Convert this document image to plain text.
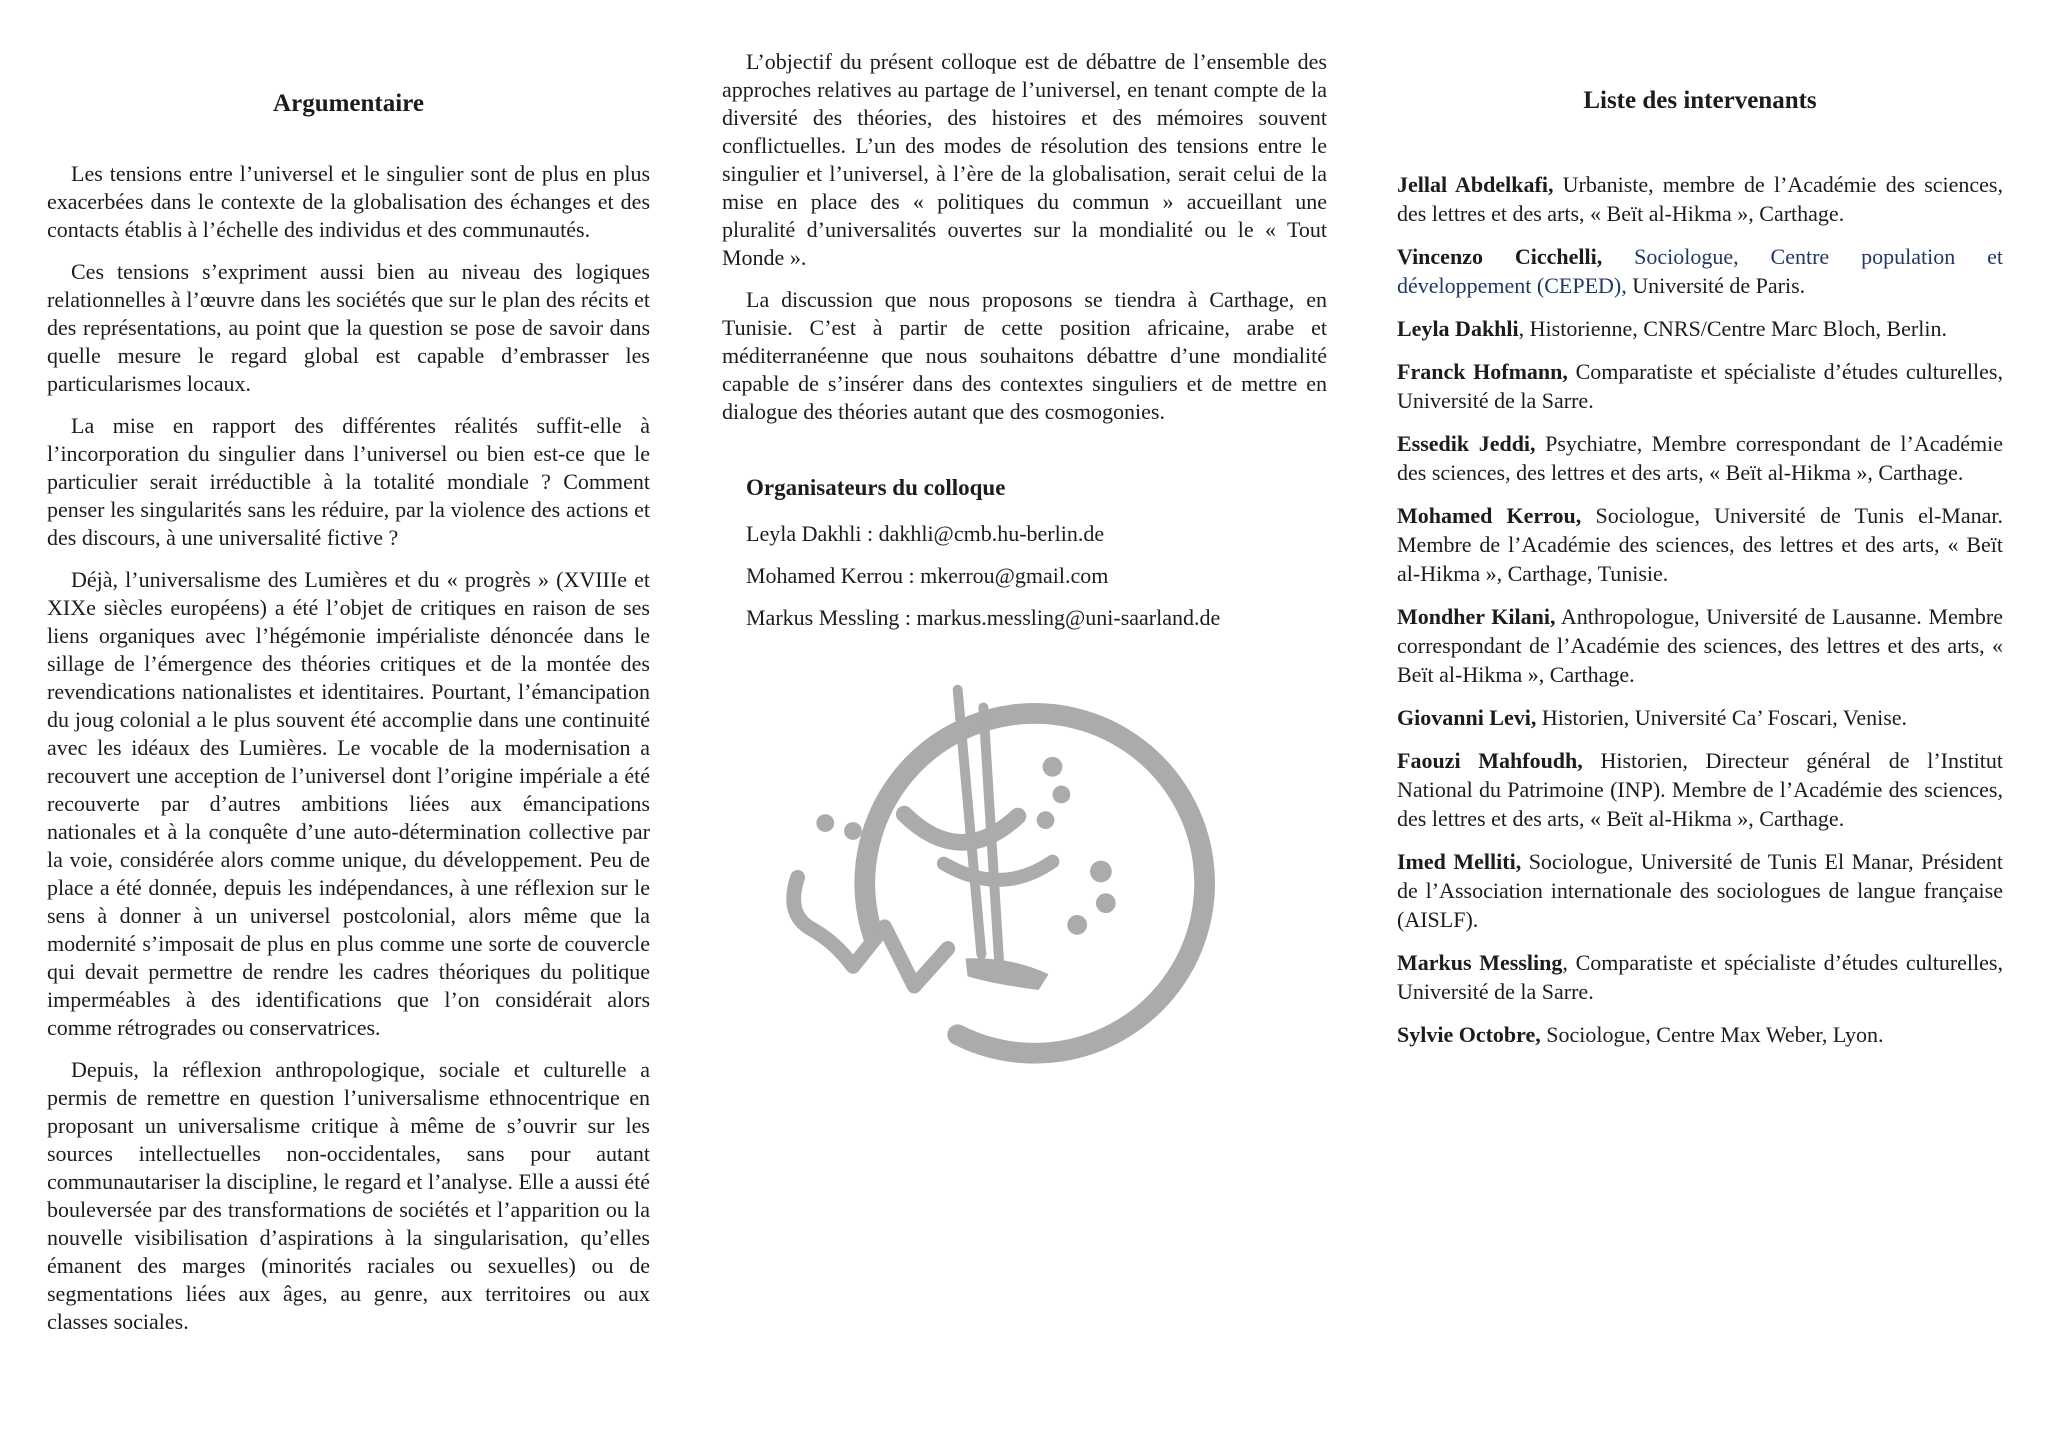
Argumentaire

Les tensions entre l’universel et le singulier sont de plus en plus exacerbées dans le contexte de la globalisation des échanges et des contacts établis à l’échelle des individus et des communautés.

Ces tensions s’expriment aussi bien au niveau des logiques relationnelles à l’œuvre dans les sociétés que sur le plan des récits et des représentations, au point que la question se pose de savoir dans quelle mesure le regard global est capable d’embrasser les particularismes locaux.

La mise en rapport des différentes réalités suffit-elle à l’incorporation du singulier dans l’universel ou bien est-ce que le particulier serait irréductible à la totalité mondiale ? Comment penser les singularités sans les réduire, par la violence des actions et des discours, à une universalité fictive ?

Déjà, l’universalisme des Lumières et du « progrès » (XVIIIe et XIXe siècles européens) a été l’objet de critiques en raison de ses liens organiques avec l’hégémonie impérialiste dénoncée dans le sillage de l’émergence des théories critiques et de la montée des revendications nationalistes et identitaires. Pourtant, l’émancipation du joug colonial a le plus souvent été accomplie dans une continuité avec les idéaux des Lumières. Le vocable de la modernisation a recouvert une acception de l’universel dont l’origine impériale a été recouverte par d’autres ambitions liées aux émancipations nationales et à la conquête d’une auto-détermination collective par la voie, considérée alors comme unique, du développement. Peu de place a été donnée, depuis les indépendances, à une réflexion sur le sens à donner à un universel postcolonial, alors même que la modernité s’imposait de plus en plus comme une sorte de couvercle qui devait permettre de rendre les cadres théoriques du politique imperméables à des identifications que l’on considérait alors comme rétrogrades ou conservatrices.

Depuis, la réflexion anthropologique, sociale et culturelle a permis de remettre en question l’universalisme ethnocentrique en proposant un universalisme critique à même de s’ouvrir sur les sources intellectuelles non-occidentales, sans pour autant communautariser la discipline, le regard et l’analyse. Elle a aussi été bouleversée par des transformations de sociétés et l’apparition ou la nouvelle visibilisation d’aspirations à la singularisation, qu’elles émanent des marges (minorités raciales ou sexuelles) ou de segmentations liées aux âges, au genre, aux territoires ou aux classes sociales.

L’objectif du présent colloque est de débattre de l’ensemble des approches relatives au partage de l’universel, en tenant compte de la diversité des théories, des histoires et des mémoires souvent conflictuelles. L’un des modes de résolution des tensions entre le singulier et l’universel, à l’ère de la globalisation, serait celui de la mise en place des « politiques du commun » accueillant une pluralité d’universalités ouvertes sur la mondialité ou le « Tout Monde ».

La discussion que nous proposons se tiendra à Carthage, en Tunisie. C’est à partir de cette position africaine, arabe et méditerranéenne que nous souhaitons débattre d’une mondialité capable de s’insérer dans des contextes singuliers et de mettre en dialogue des théories autant que des cosmogonies.

Organisateurs du colloque

Leyla Dakhli : dakhli@cmb.hu-berlin.de

Mohamed Kerrou : mkerrou@gmail.com

Markus Messling : markus.messling@uni-saarland.de

Liste des intervenants

Jellal Abdelkafi, Urbaniste, membre de l’Académie des sciences, des lettres et des arts, « Beït al-Hikma », Carthage.

Vincenzo Cicchelli, Sociologue, Centre population et développement (CEPED), Université de Paris.

Leyla Dakhli, Historienne, CNRS/Centre Marc Bloch, Berlin.

Franck Hofmann, Comparatiste et spécialiste d’études culturelles, Université de la Sarre.

Essedik Jeddi, Psychiatre, Membre correspondant de l’Académie des sciences, des lettres et des arts, « Beït al-Hikma », Carthage.

Mohamed Kerrou, Sociologue, Université de Tunis el-Manar. Membre de l’Académie des sciences, des lettres et des arts, « Beït al-Hikma », Carthage, Tunisie.

Mondher Kilani, Anthropologue, Université de Lausanne. Membre correspondant de l’Académie des sciences, des lettres et des arts, « Beït al-Hikma », Carthage.

Giovanni Levi, Historien, Université Ca’ Foscari, Venise.

Faouzi Mahfoudh, Historien, Directeur général de l’Institut National du Patrimoine (INP). Membre de l’Académie des sciences, des lettres et des arts, « Beït al-Hikma », Carthage.

Imed Melliti, Sociologue, Université de Tunis El Manar, Président de l’Association internationale des sociologues de langue française (AISLF).

Markus Messling, Comparatiste et spécialiste d’études culturelles, Université de la Sarre.

Sylvie Octobre, Sociologue, Centre Max Weber, Lyon.
